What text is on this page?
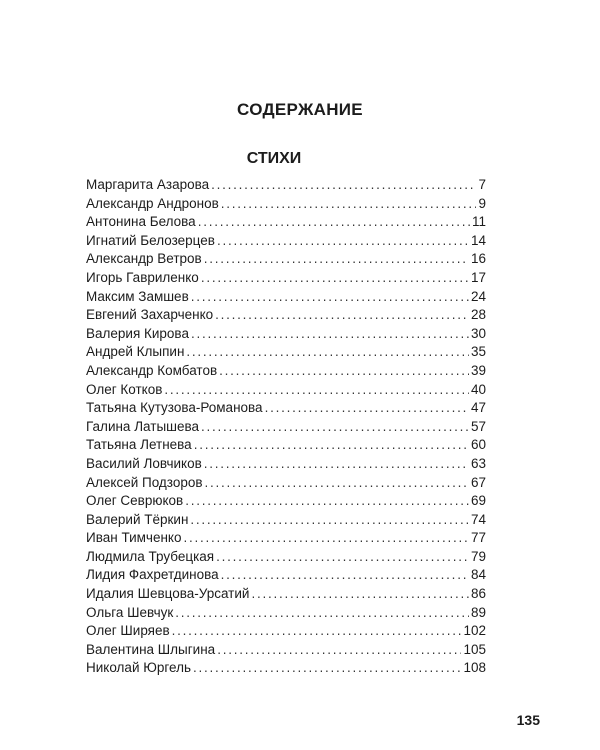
СОДЕРЖАНИЕ
СТИХИ
Маргарита Азарова . . .	7
Александр Андронов . . .	9
Антонина Белова . . .	11
Игнатий Белозерцев . . .	14
Александр Ветров . . .	16
Игорь Гавриленко . . .	17
Максим Замшев . . .	24
Евгений Захарченко . . .	28
Валерия Кирова . . .	30
Андрей Клыпин . . .	35
Александр Комбатов . . .	39
Олег Котков . . .	40
Татьяна Кутузова-Романова . . .	47
Галина Латышева . . .	57
Татьяна Летнева . . .	60
Василий Ловчиков . . .	63
Алексей Подзоров . . .	67
Олег Севрюков . . .	69
Валерий Тёркин . . .	74
Иван Тимченко . . .	77
Людмила Трубецкая . . .	79
Лидия Фахретдинова . . .	84
Идалия Шевцова-Урсатий . . .	86
Ольга Шевчук . . .	89
Олег Ширяев . . .	102
Валентина Шлыгина . . .	105
Николай Юргель . . .	108
135
